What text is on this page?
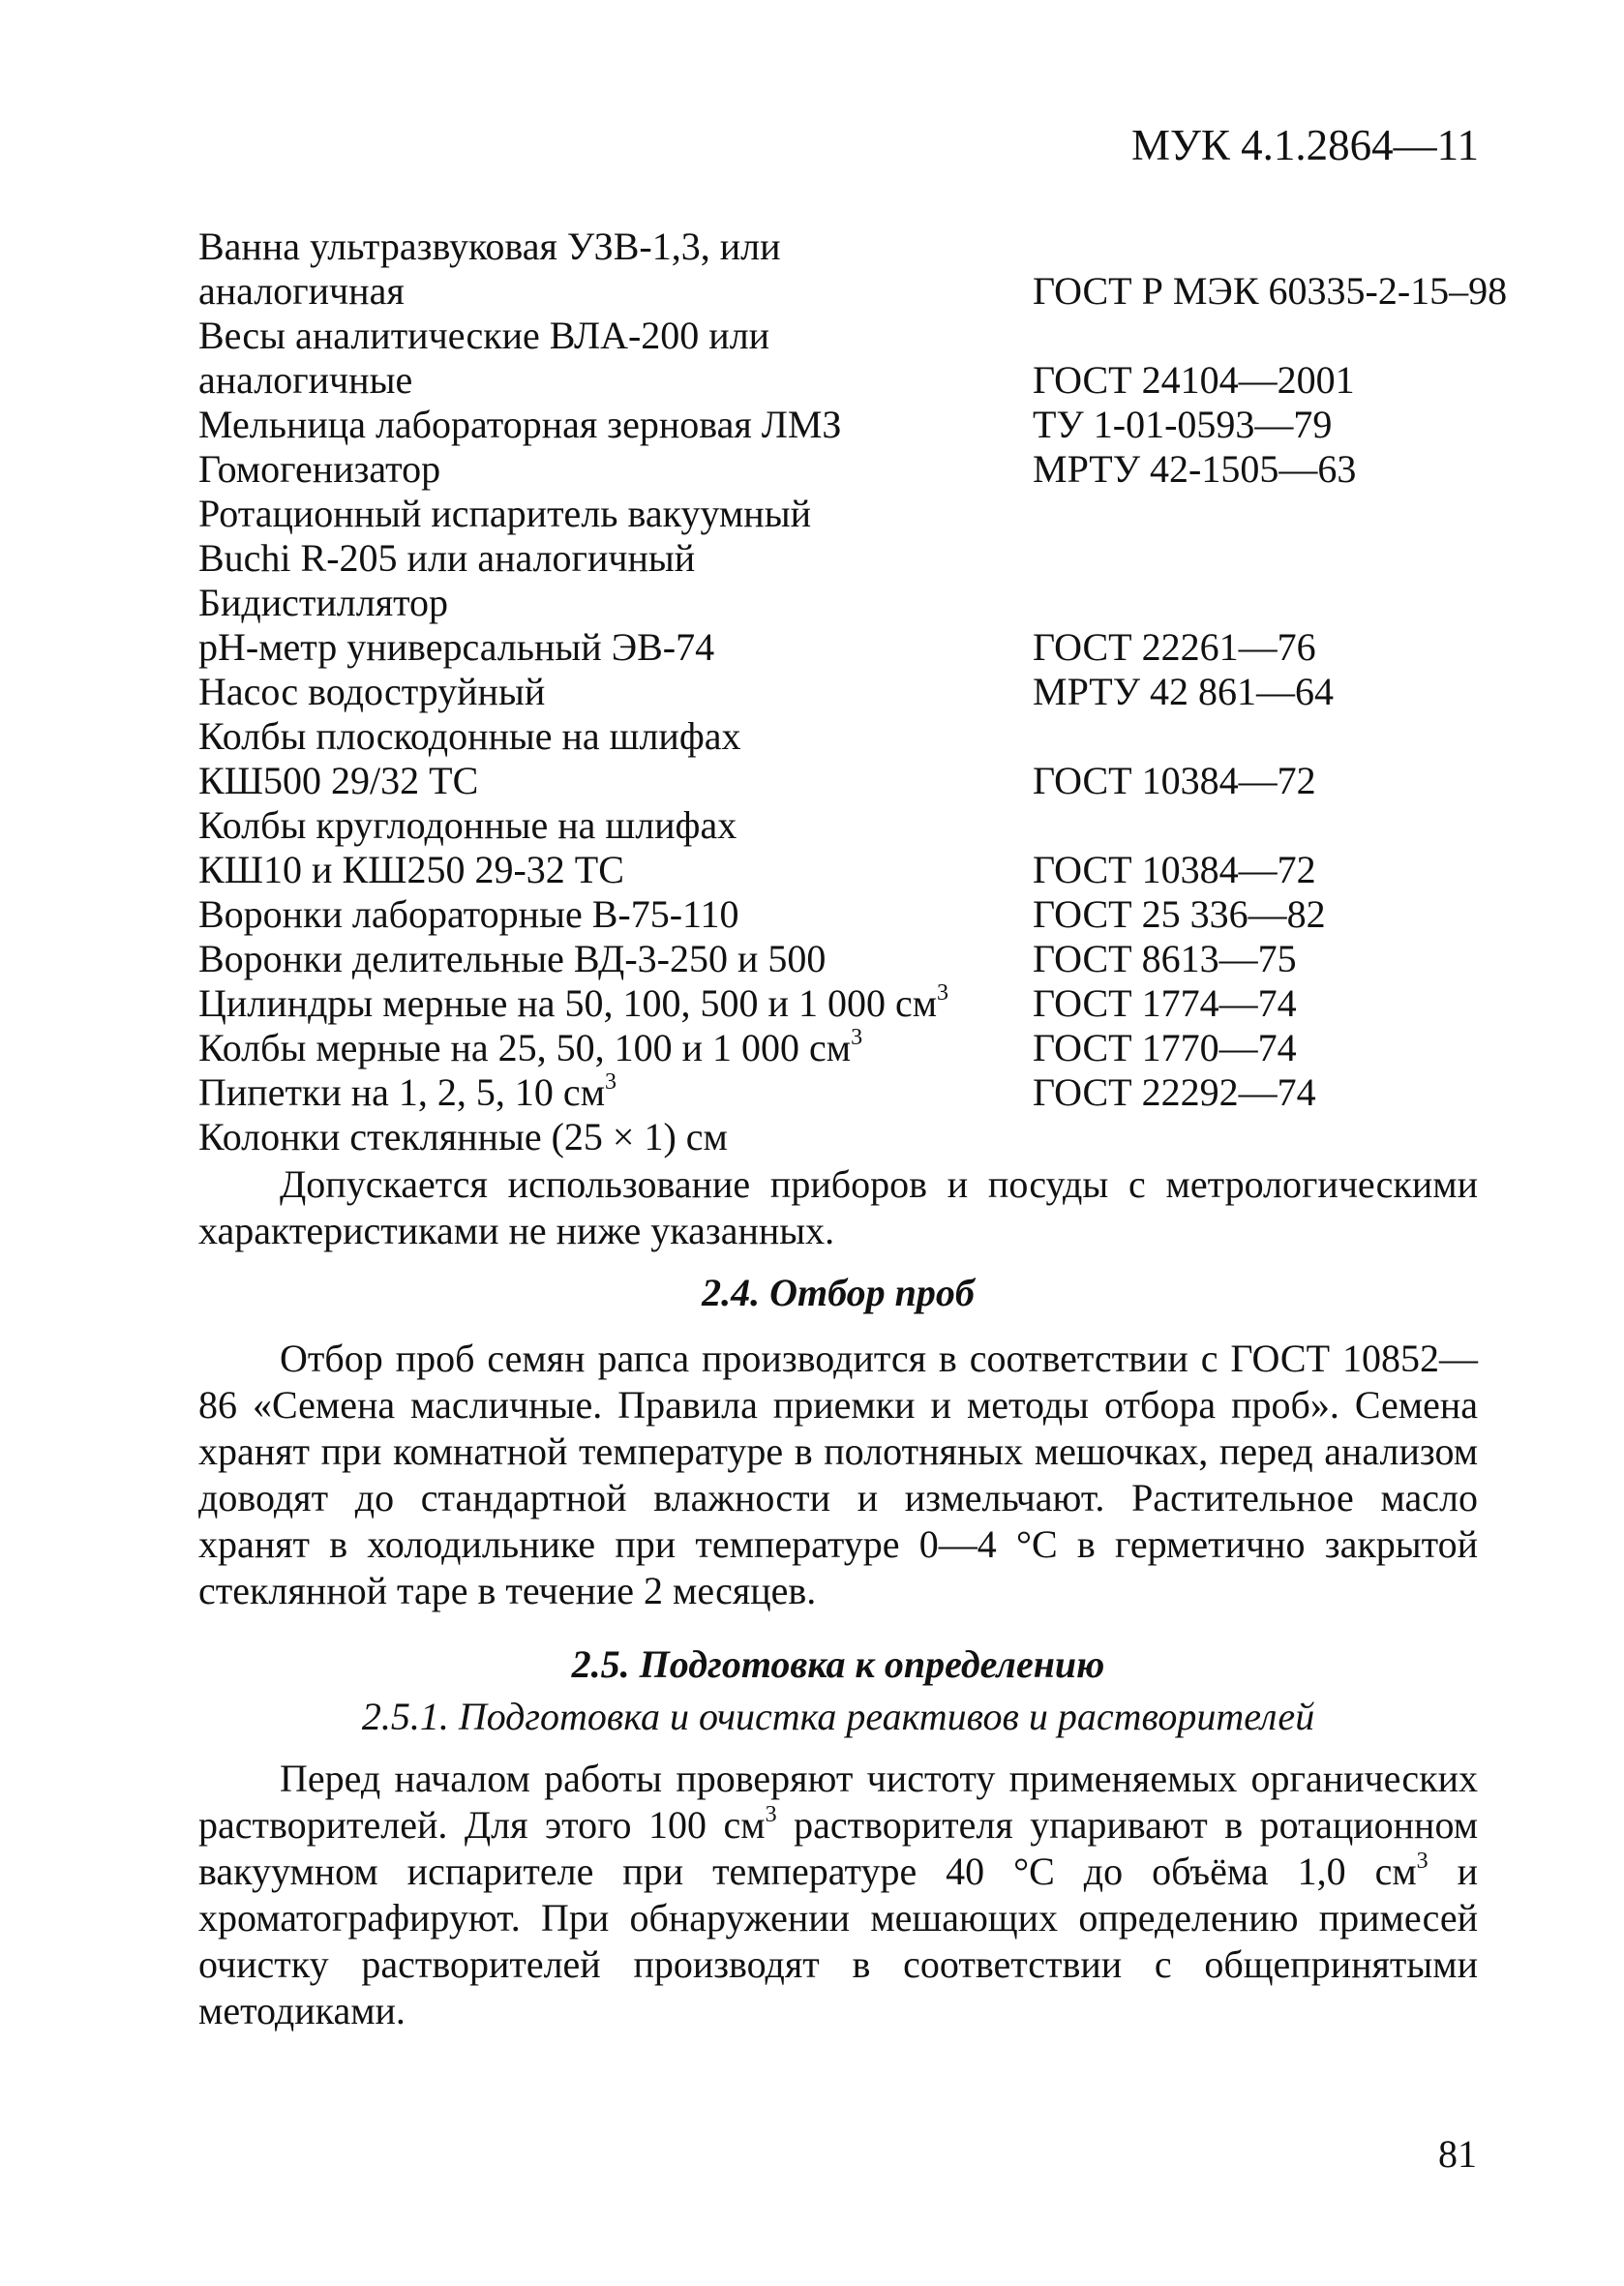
МУК 4.1.2864—11
Ванна ультразвуковая УЗВ-1,3, или
аналогичная	ГОСТ Р МЭК 60335-2-15–98
Весы аналитические ВЛА-200 или
аналогичные	ГОСТ 24104—2001
Мельница лабораторная зерновая ЛМЗ	ТУ 1-01-0593—79
Гомогенизатор	МРТУ 42-1505—63
Ротационный испаритель вакуумный
Buchi R-205 или аналогичный
Бидистиллятор
рН-метр универсальный ЭВ-74	ГОСТ 22261—76
Насос водоструйный	МРТУ 42 861—64
Колбы плоскодонные на шлифах
КШ500 29/32 ТС	ГОСТ 10384—72
Колбы круглодонные на шлифах
КШ10 и КШ250 29-32 ТС	ГОСТ 10384—72
Воронки лабораторные В-75-110	ГОСТ 25 336—82
Воронки делительные ВД-3-250 и 500	ГОСТ 8613—75
Цилиндры мерные на 50, 100, 500 и 1 000 $см^3$	ГОСТ 1774—74
Колбы мерные на 25, 50, 100 и 1 000 $см^3$	ГОСТ 1770—74
Пипетки на 1, 2, 5, 10 $см^3$	ГОСТ 22292—74
Колонки стеклянные (25 × 1) см

Допускается использование приборов и посуды с метрологическими характеристиками не ниже указанных.

2.4. Отбор проб

Отбор проб семян рапса производится в соответствии с ГОСТ 10852—86 «Семена масличные. Правила приемки и методы отбора проб». Семена хранят при комнатной температуре в полотняных мешочках, перед анализом доводят до стандартной влажности и измельчают. Растительное масло хранят в холодильнике при температуре 0—4 °С в герметично закрытой стеклянной таре в течение 2 месяцев.

2.5. Подготовка к определению

2.5.1. Подготовка и очистка реактивов и растворителей

Перед началом работы проверяют чистоту применяемых органических растворителей. Для этого 100 $см^3$ растворителя упаривают в ротационном вакуумном испарителе при температуре 40 °С до объёма 1,0 $см^3$ и хроматографируют. При обнаружении мешающих определению примесей очистку растворителей производят в соответствии с общепринятыми методиками.

81
